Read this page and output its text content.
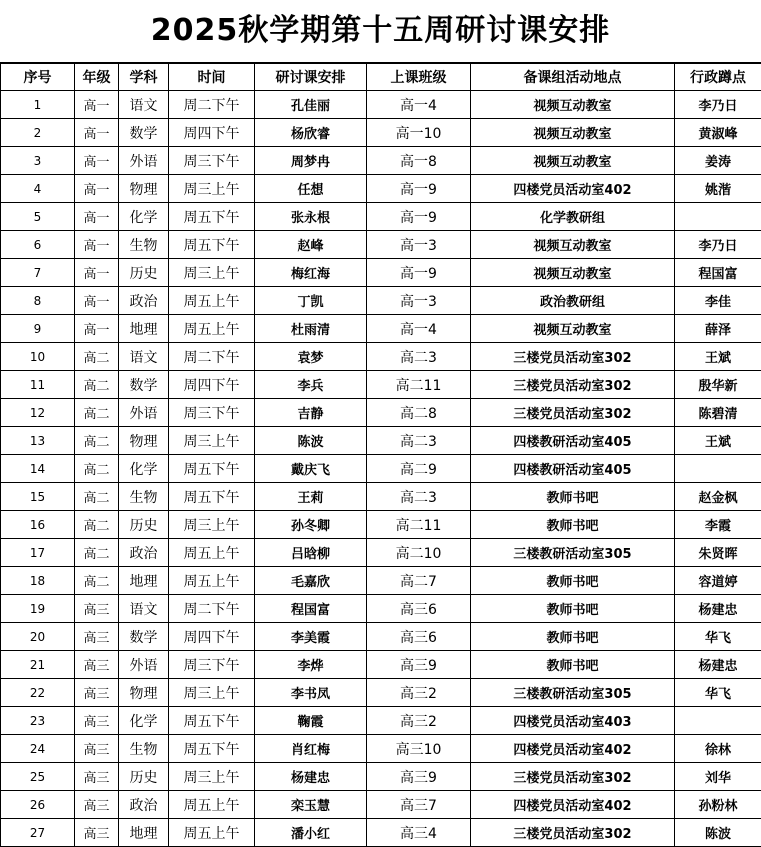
2025秋学期第十五周研讨课安排
序号	年级	学科	时间	研讨课安排	上课班级	备课组活动地点	行政蹲点
1	高一	语文	周二下午	孔佳丽	高一4	视频互动教室	李乃日
2	高一	数学	周四下午	杨欣睿	高一10	视频互动教室	黄淑峰
3	高一	外语	周三下午	周梦冉	高一8	视频互动教室	姜涛
4	高一	物理	周三上午	任想	高一9	四楼党员活动室402	姚湝
5	高一	化学	周五下午	张永根	高一9	化学教研组	
6	高一	生物	周五下午	赵峰	高一3	视频互动教室	李乃日
7	高一	历史	周三上午	梅红海	高一9	视频互动教室	程国富
8	高一	政治	周五上午	丁凯	高一3	政治教研组	李佳
9	高一	地理	周五上午	杜雨清	高一4	视频互动教室	薛泽
10	高二	语文	周二下午	袁梦	高二3	三楼党员活动室302	王斌
11	高二	数学	周四下午	李兵	高二11	三楼党员活动室302	殷华新
12	高二	外语	周三下午	吉静	高二8	三楼党员活动室302	陈碧清
13	高二	物理	周三上午	陈波	高二3	四楼教研活动室405	王斌
14	高二	化学	周五下午	戴庆飞	高二9	四楼教研活动室405	
15	高二	生物	周五下午	王莉	高二3	教师书吧	赵金枫
16	高二	历史	周三上午	孙冬卿	高二11	教师书吧	李霞
17	高二	政治	周五上午	吕晗柳	高二10	三楼教研活动室305	朱贤晖
18	高二	地理	周五上午	毛嘉欣	高二7	教师书吧	容道婷
19	高三	语文	周二下午	程国富	高三6	教师书吧	杨建忠
20	高三	数学	周四下午	李美霞	高三6	教师书吧	华飞
21	高三	外语	周三下午	李烨	高三9	教师书吧	杨建忠
22	高三	物理	周三上午	李书凤	高三2	三楼教研活动室305	华飞
23	高三	化学	周五下午	鞠霞	高三2	四楼党员活动室403	
24	高三	生物	周五下午	肖红梅	高三10	四楼党员活动室402	徐林
25	高三	历史	周三上午	杨建忠	高三9	三楼党员活动室302	刘华
26	高三	政治	周五上午	栾玉慧	高三7	四楼党员活动室402	孙粉林
27	高三	地理	周五上午	潘小红	高三4	三楼党员活动室302	陈波
